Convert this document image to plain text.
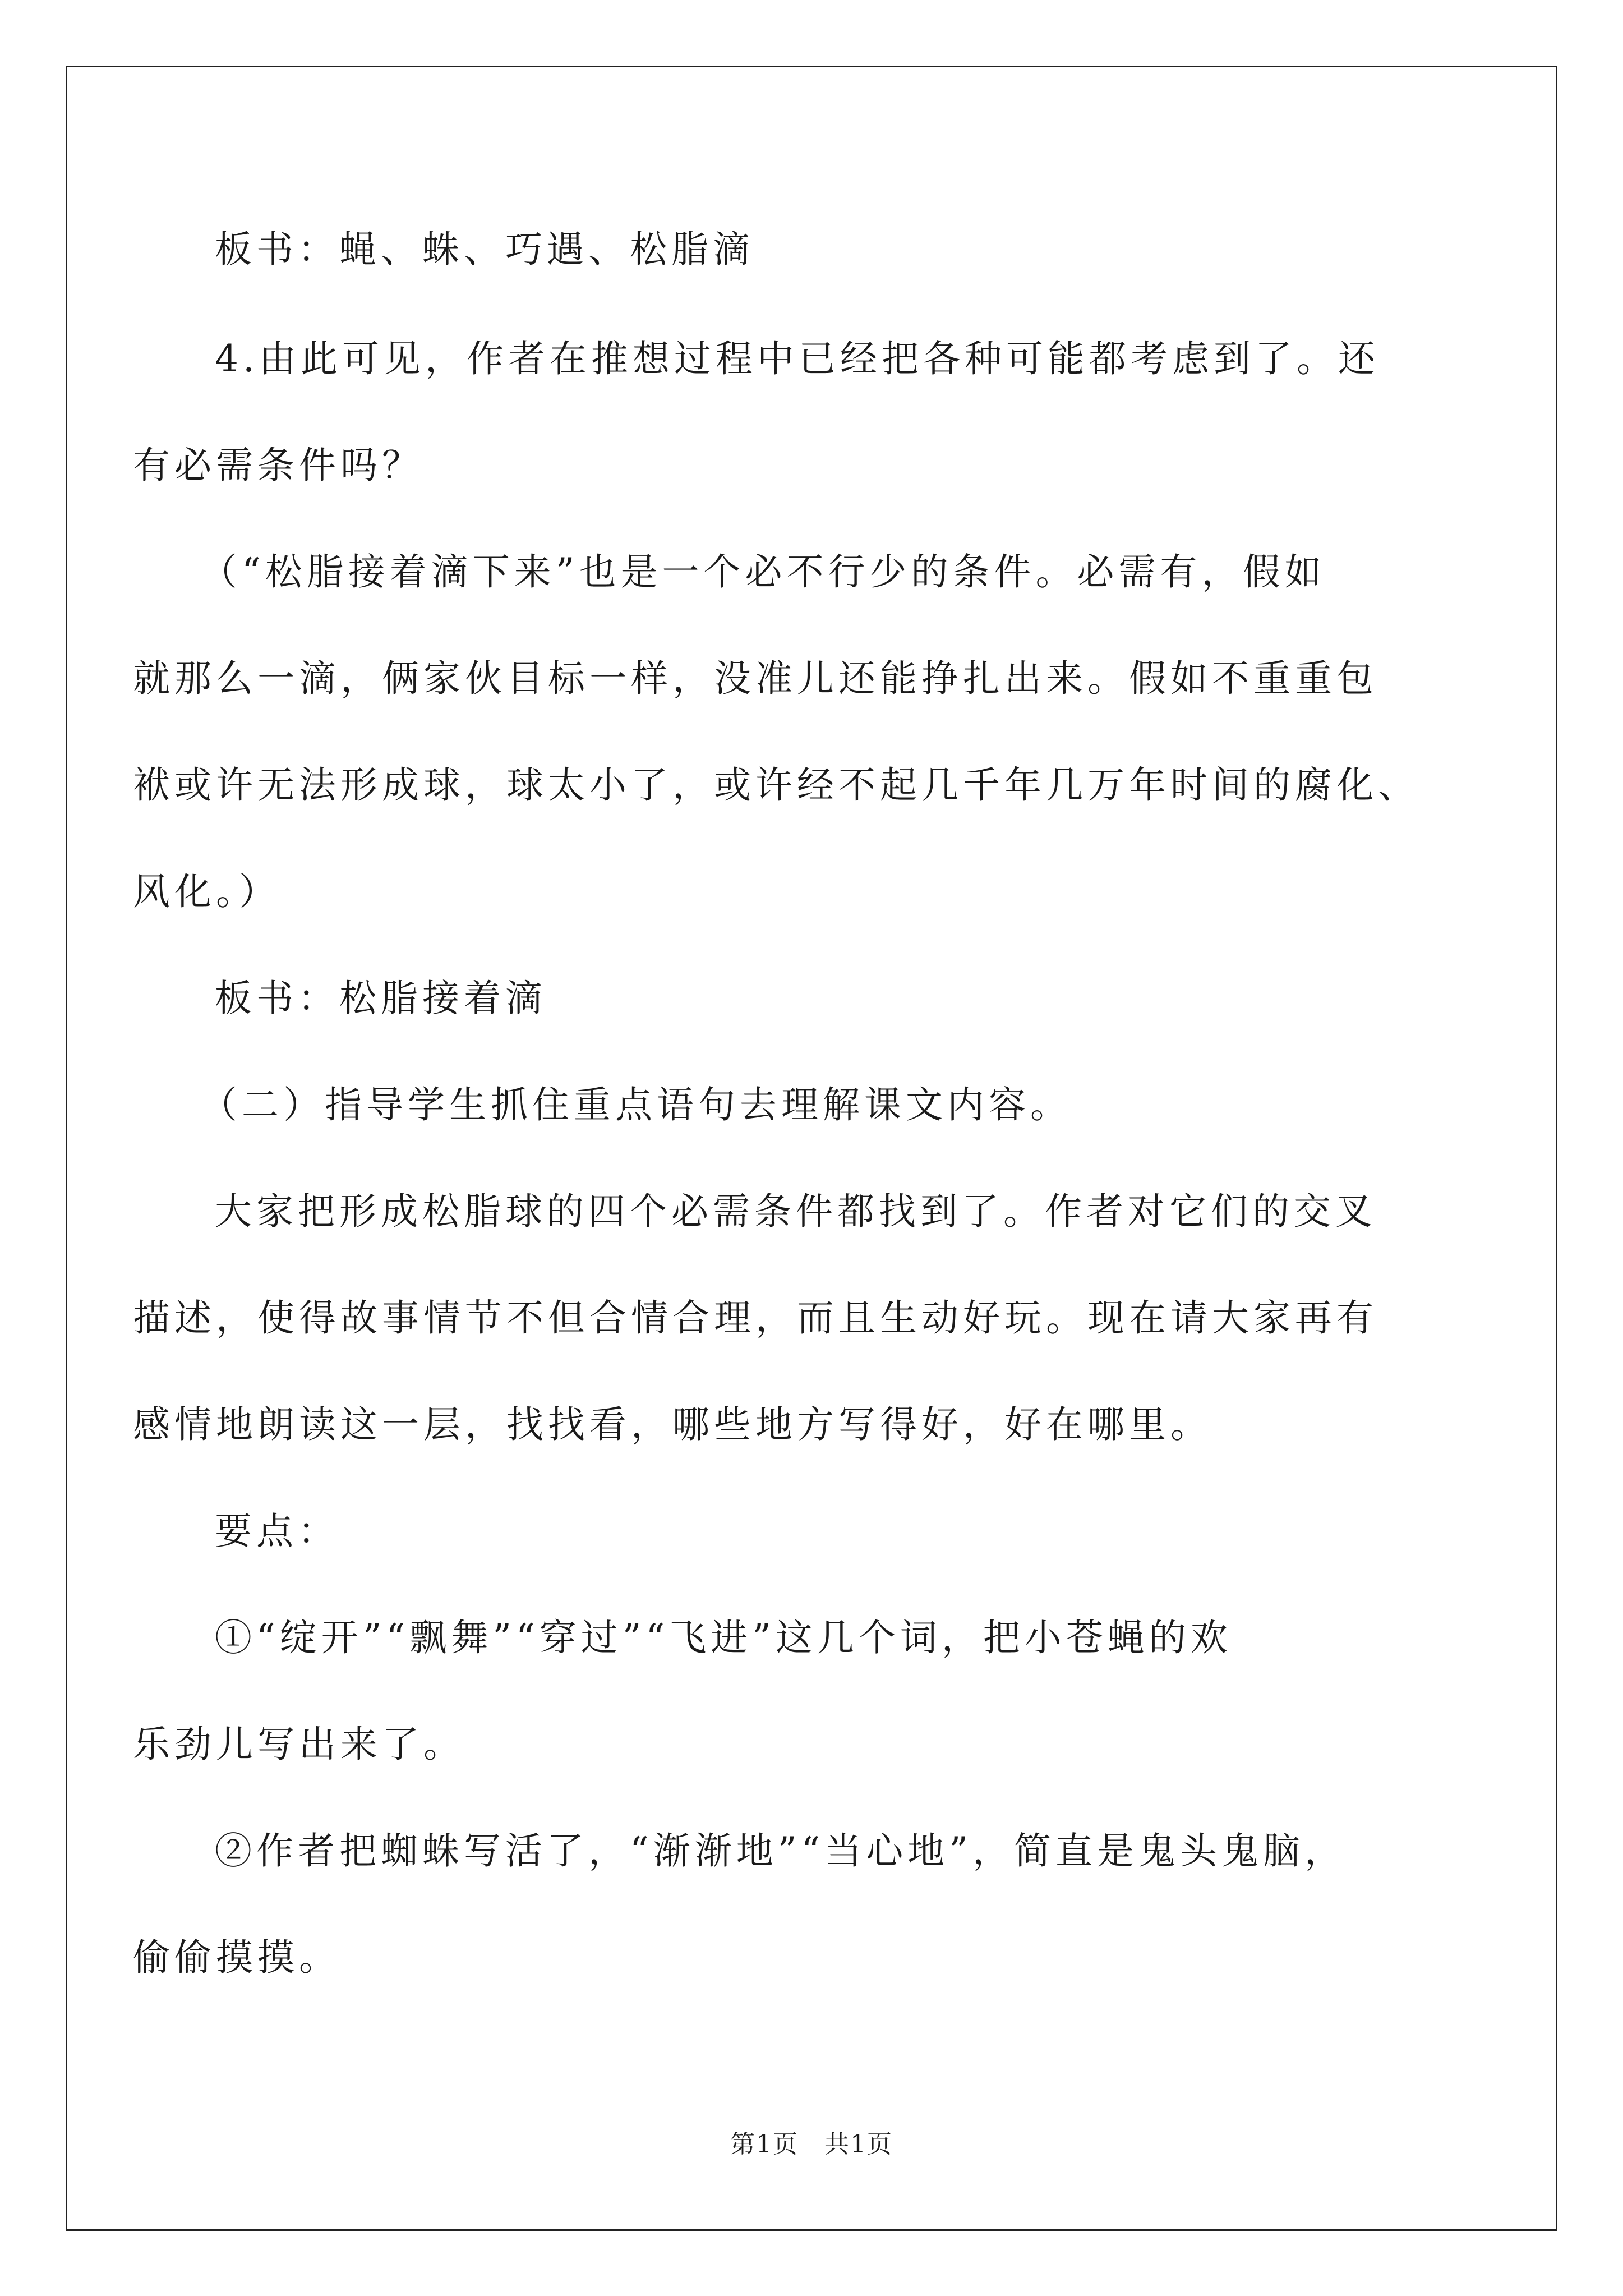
板书：蝇、蛛、巧遇、松脂滴
4.由此可见，作者在推想过程中已经把各种可能都考虑到了。还
有必需条件吗？
（“松脂接着滴下来”也是一个必不行少的条件。必需有，假如
就那么一滴，俩家伙目标一样，没准儿还能挣扎出来。假如不重重包
袱或许无法形成球，球太小了，或许经不起几千年几万年时间的腐化、
风化。）
板书：松脂接着滴
（二）指导学生抓住重点语句去理解课文内容。
大家把形成松脂球的四个必需条件都找到了。作者对它们的交叉
描述，使得故事情节不但合情合理，而且生动好玩。现在请大家再有
感情地朗读这一层，找找看，哪些地方写得好，好在哪里。
要点：
①“绽开”“飘舞”“穿过”“飞进”这几个词，把小苍蝇的欢
乐劲儿写出来了。
②作者把蜘蛛写活了，“渐渐地”“当心地”，简直是鬼头鬼脑，
偷偷摸摸。
第1页　共1页
